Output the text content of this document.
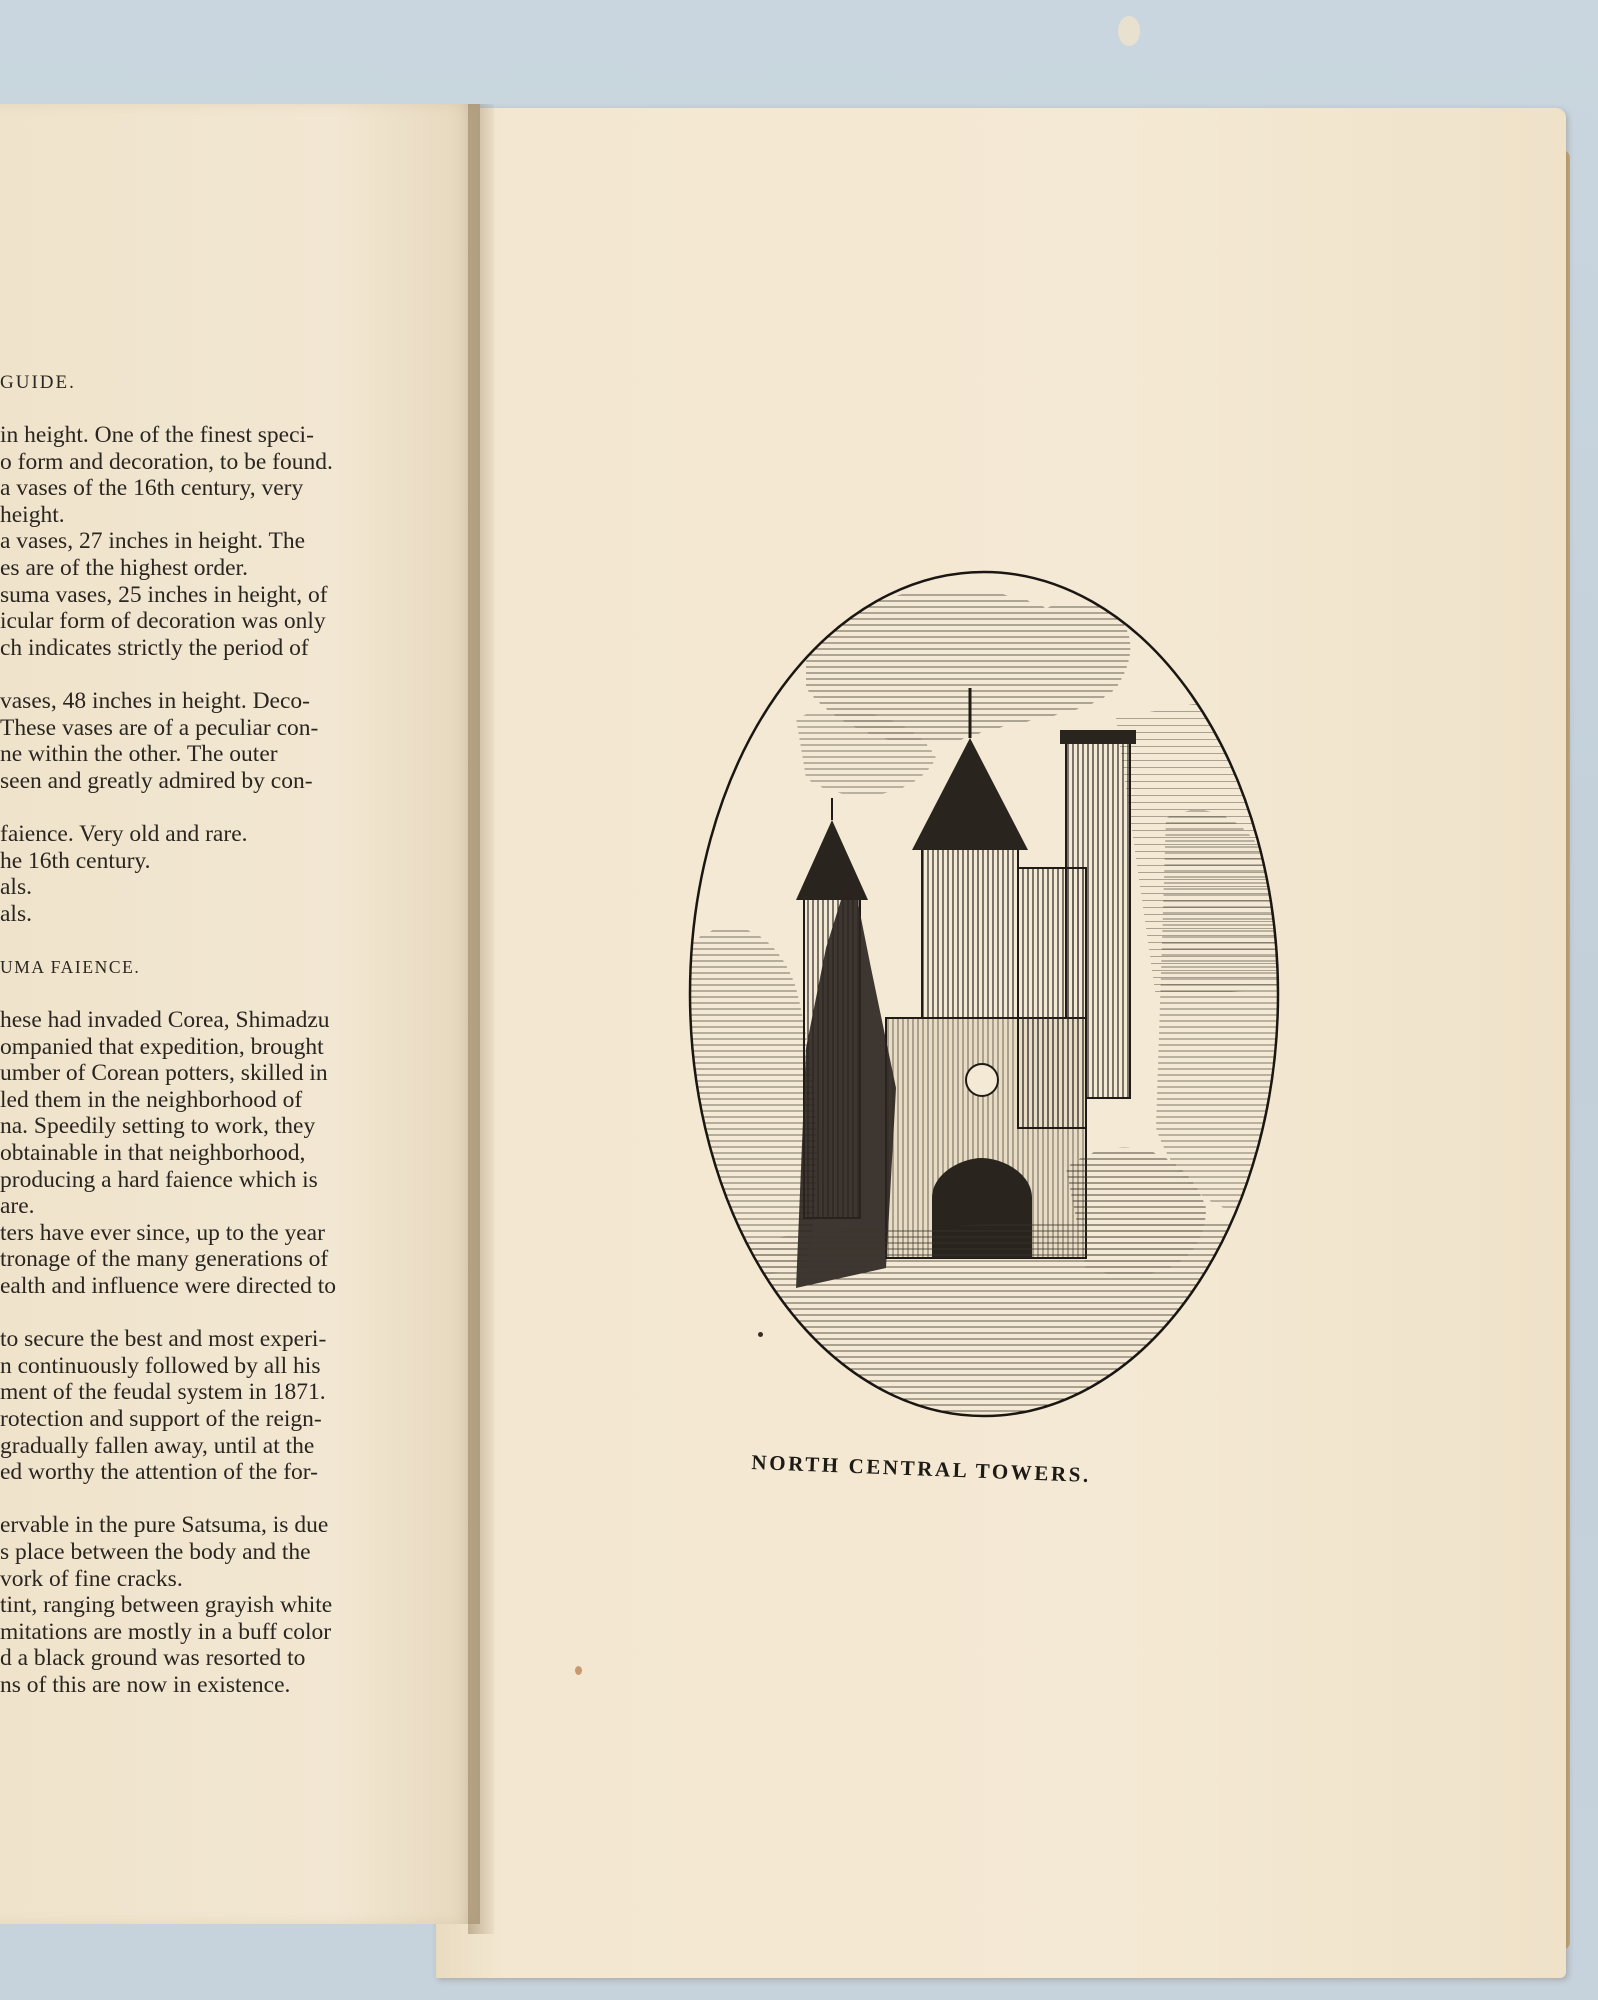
GUIDE.
in height. One of the finest speci-
o form and decoration, to be found.
a vases of the 16th century, very
height.
a vases, 27 inches in height. The
es are of the highest order.
suma vases, 25 inches in height, of
icular form of decoration was only
ch indicates strictly the period of
vases, 48 inches in height. Deco-
These vases are of a peculiar con-
ne within the other. The outer
seen and greatly admired by con-
faience. Very old and rare.
he 16th century.
als.
als.
UMA FAIENCE.
hese had invaded Corea, Shimadzu
ompanied that expedition, brought
umber of Corean potters, skilled in
led them in the neighborhood of
na. Speedily setting to work, they
obtainable in that neighborhood,
producing a hard faience which is
are.
ters have ever since, up to the year
tronage of the many generations of
ealth and influence were directed to
to secure the best and most experi-
n continuously followed by all his
ment of the feudal system in 1871.
rotection and support of the reign-
gradually fallen away, until at the
ed worthy the attention of the for-
ervable in the pure Satsuma, is due
s place between the body and the
vork of fine cracks.
tint, ranging between grayish white
mitations are mostly in a buff color
d a black ground was resorted to
ns of this are now in existence.
NORTH CENTRAL TOWERS.
